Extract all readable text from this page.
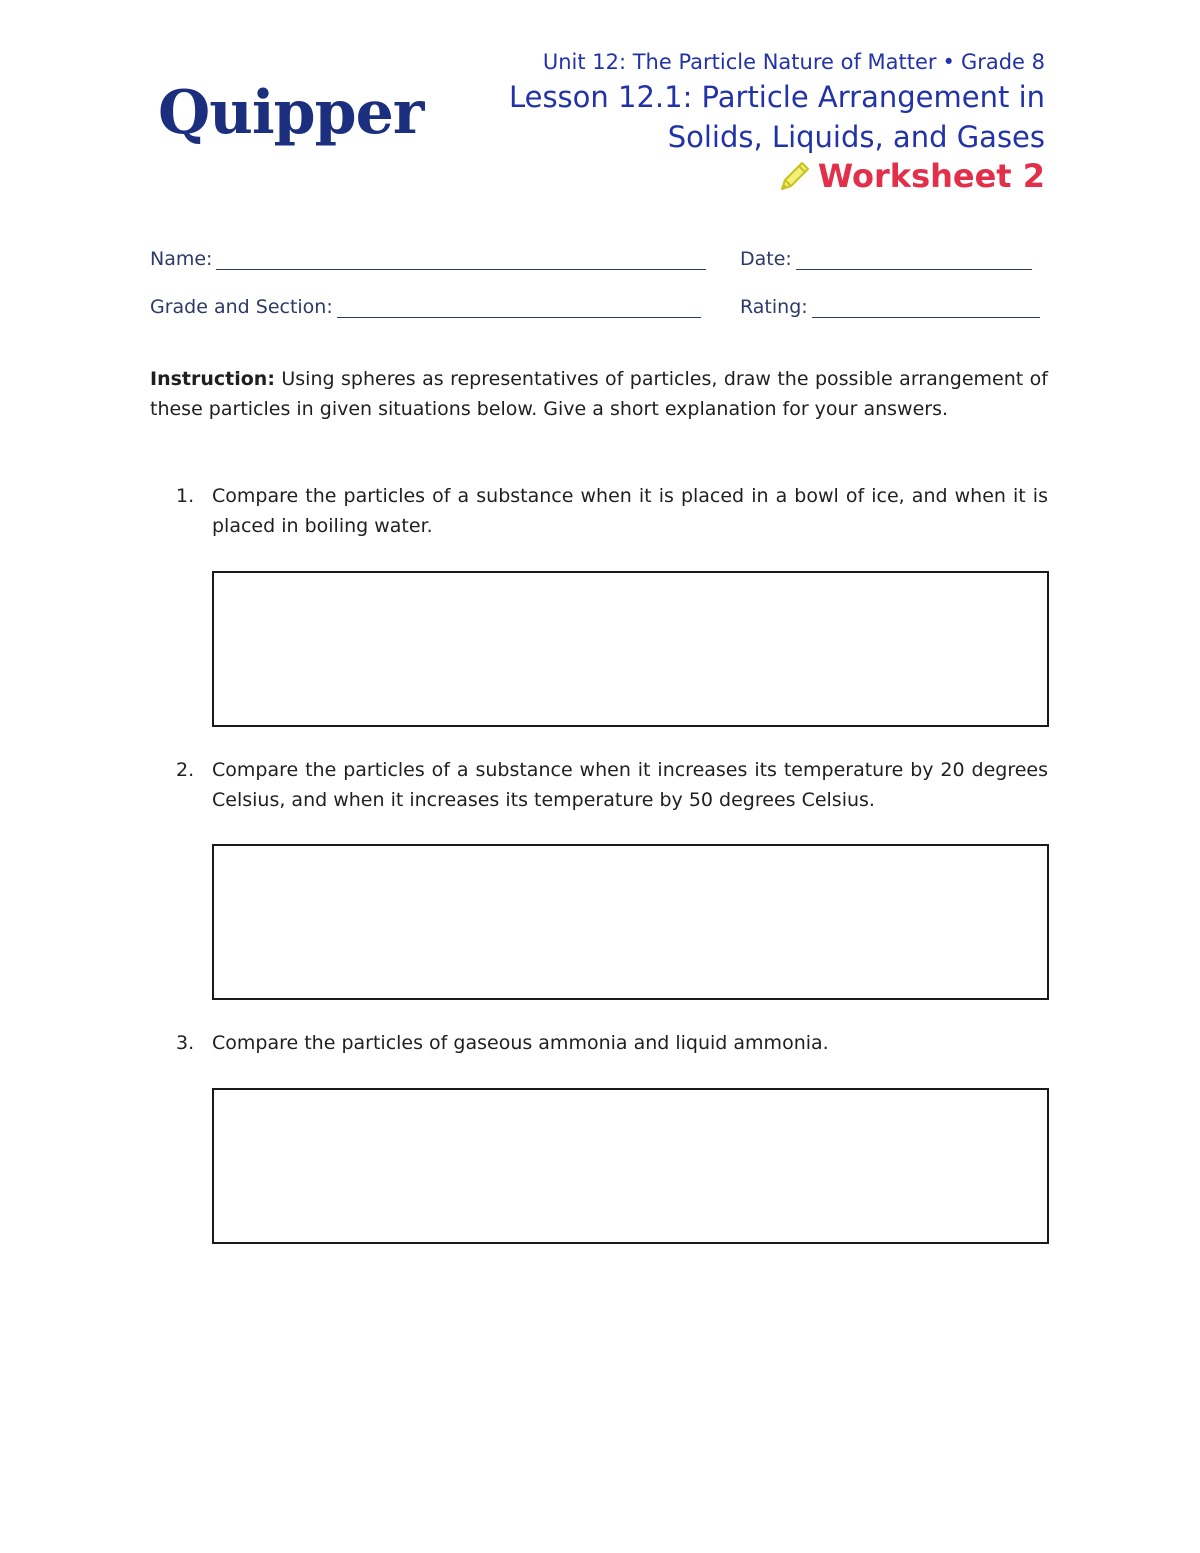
Quipper
Unit 12: The Particle Nature of Matter • Grade 8
Lesson 12.1: Particle Arrangement in
Solids, Liquids, and Gases
Worksheet 2
Name:	Date:
Grade and Section:	Rating:
Instruction: Using spheres as representatives of particles, draw the possible arrangement of these particles in given situations below. Give a short explanation for your answers.
1. Compare the particles of a substance when it is placed in a bowl of ice, and when it is placed in boiling water.
2. Compare the particles of a substance when it increases its temperature by 20 degrees Celsius, and when it increases its temperature by 50 degrees Celsius.
3. Compare the particles of gaseous ammonia and liquid ammonia.
